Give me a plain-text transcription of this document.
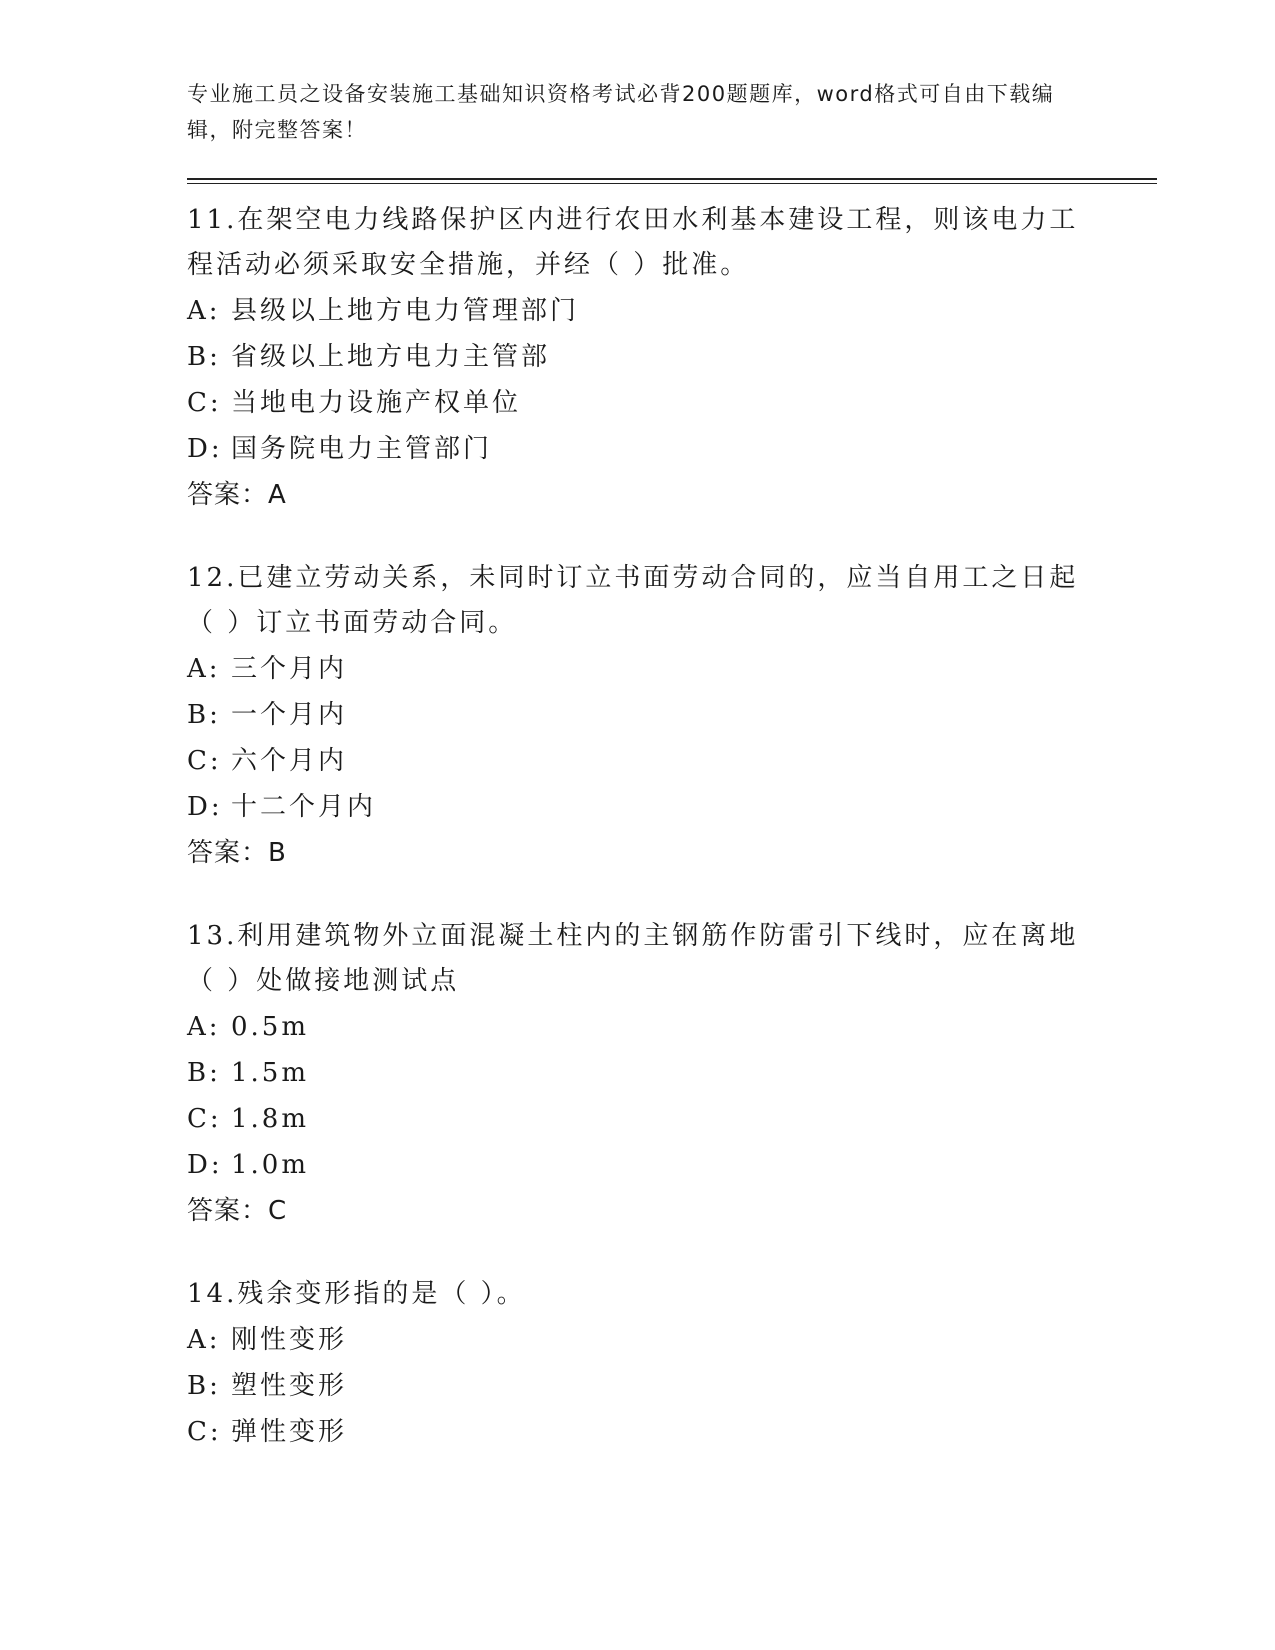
专业施工员之设备安装施工基础知识资格考试必背200题题库，word格式可自由下载编辑，附完整答案！
11.在架空电力线路保护区内进行农田水利基本建设工程，则该电力工程活动必须采取安全措施，并经（ ）批准。
A: 县级以上地方电力管理部门
B: 省级以上地方电力主管部
C: 当地电力设施产权单位
D: 国务院电力主管部门
答案：A
12.已建立劳动关系，未同时订立书面劳动合同的，应当自用工之日起（ ）订立书面劳动合同。
A: 三个月内
B: 一个月内
C: 六个月内
D: 十二个月内
答案：B
13.利用建筑物外立面混凝土柱内的主钢筋作防雷引下线时，应在离地（ ）处做接地测试点
A: 0.5m
B: 1.5m
C: 1.8m
D: 1.0m
答案：C
14.残余变形指的是（ ）。
A: 刚性变形
B: 塑性变形
C: 弹性变形
